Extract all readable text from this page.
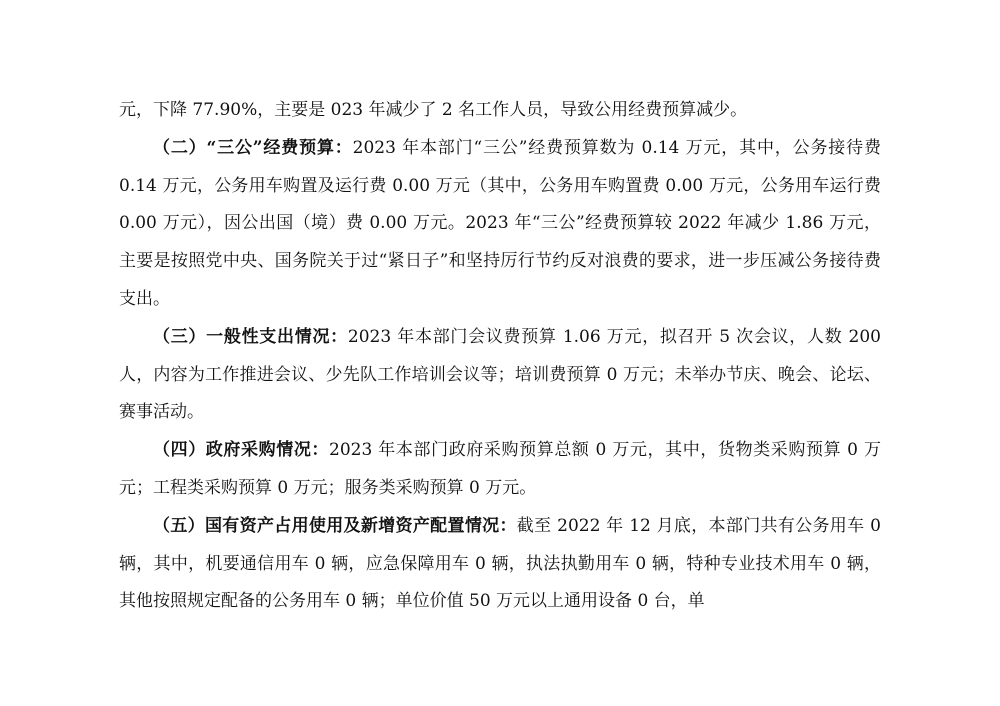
元，下降 77.90%，主要是 023 年减少了 2 名工作人员，导致公用经费预算减少。

（二）“三公”经费预算：2023 年本部门“三公”经费预算数为 0.14 万元，其中，公务接待费 0.14 万元，公务用车购置及运行费 0.00 万元（其中，公务用车购置费 0.00 万元，公务用车运行费 0.00 万元），因公出国（境）费 0.00 万元。2023 年“三公”经费预算较 2022 年减少 1.86 万元，主要是按照党中央、国务院关于过“紧日子”和坚持厉行节约反对浪费的要求，进一步压减公务接待费支出。

（三）一般性支出情况：2023 年本部门会议费预算 1.06 万元，拟召开 5 次会议，人数 200 人，内容为工作推进会议、少先队工作培训会议等；培训费预算 0 万元；未举办节庆、晚会、论坛、赛事活动。

（四）政府采购情况：2023 年本部门政府采购预算总额 0 万元，其中，货物类采购预算 0 万元；工程类采购预算 0 万元；服务类采购预算 0 万元。

（五）国有资产占用使用及新增资产配置情况：截至 2022 年 12 月底，本部门共有公务用车 0 辆，其中，机要通信用车 0 辆，应急保障用车 0 辆，执法执勤用车 0 辆，特种专业技术用车 0 辆，其他按照规定配备的公务用车 0 辆；单位价值 50 万元以上通用设备 0 台，单
